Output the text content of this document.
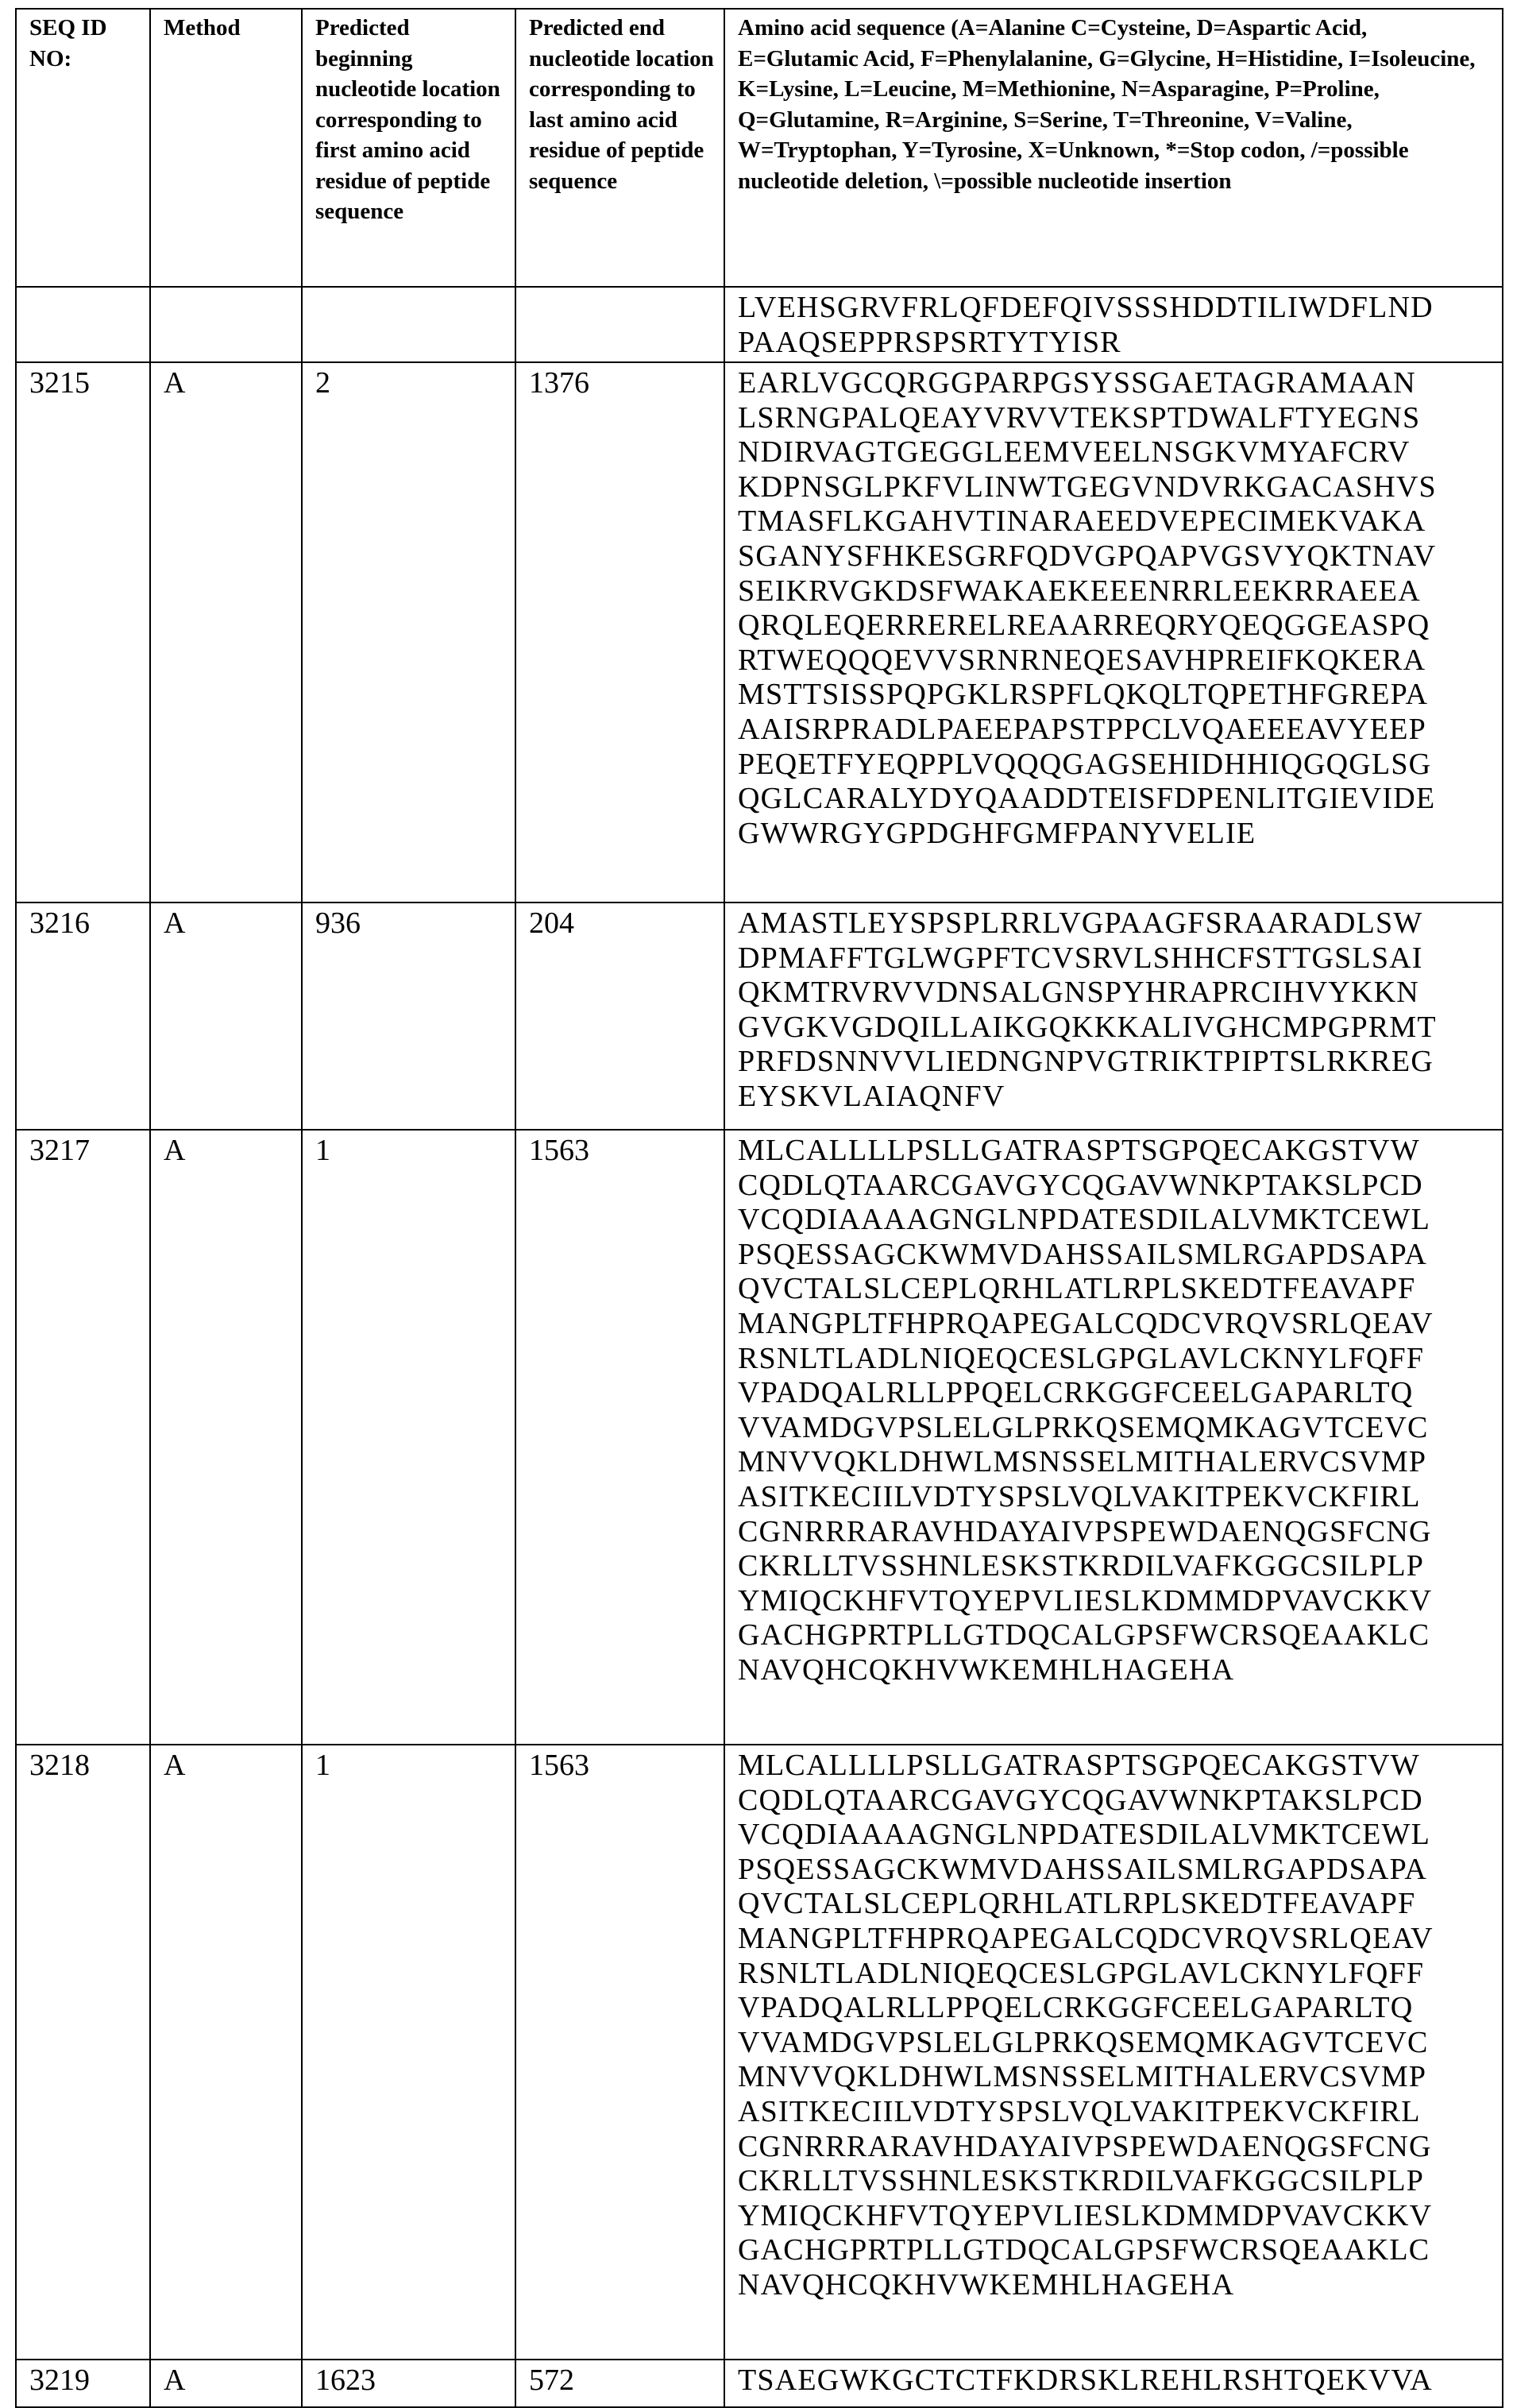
SEQ ID NO:	Method	Predicted beginning nucleotide location corresponding to first amino acid residue of peptide sequence	Predicted end nucleotide location corresponding to last amino acid residue of peptide sequence	Amino acid sequence (A=Alanine C=Cysteine, D=Aspartic Acid, E=Glutamic Acid, F=Phenylalanine, G=Glycine, H=Histidine, I=Isoleucine, K=Lysine, L=Leucine, M=Methionine, N=Asparagine, P=Proline, Q=Glutamine, R=Arginine, S=Serine, T=Threonine, V=Valine, W=Tryptophan, Y=Tyrosine, X=Unknown, *=Stop codon, /=possible nucleotide deletion, \=possible nucleotide insertion

LVEHSGRVFRLQFDEFQIVSSSHDDTILIWDFLND
PAAQSEPPRSPSRTYTYISR

3215	A	2	1376	EARLVGCQRGGPARPGSYSSGAETAGRAMAAN
LSRNGPALQEAYVRVVTEKSPTDWALFTYEGNS
NDIRVAGTGEGGLEEMVEELNSGKVMYAFCRV
KDPNSGLPKFVLINWTGEGVNDVRKGACASHVS
TMASFLKGAHVTINARAEEDVEPECIMEKVAKA
SGANYSFHKESGRFQDVGPQAPVGSVYQKTNAV
SEIKRVGKDSFWAKAEKEEENRRLEEKRRAEEA
QRQLEQERRERELREAARREQRYQEQGGEASPQ
RTWEQQQEVVSRNRNEQESAVHPREIFKQKERA
MSTTSISSPQPGKLRSPFLQKQLTQPETHFGREPA
AAISRPRADLPAEEPAPSTPPCLVQAEEEAVYEEP
PEQETFYEQPPLVQQQGAGSEHIDHHIQGQGLSG
QGLCARALYDYQAADDTEISFDPENLITGIEVIDE
GWWRGYGPDGHFGMFPANYVELIE

3216	A	936	204	AMASTLEYSPSPLRRLVGPAAGFSRAARADLSW
DPMAFFTGLWGPFTCVSRVLSHHCFSTTGSLSAI
QKMTRVRVVDNSALGNSPYHRAPRCIHVYKKN
GVGKVGDQILLAIKGQKKKALIVGHCMPGPRMT
PRFDSNNVVLIEDNGNPVGTRIKTPIPTSLRKREG
EYSKVLAIAQNFV

3217	A	1	1563	MLCALLLLPSLLGATRASPTSGPQECAKGSTVW
CQDLQTAARCGAVGYCQGAVWNKPTAKSLPCD
VCQDIAAAAGNGLNPDATESDILALVMKTCEWL
PSQESSAGCKWMVDAHSSAILSMLRGAPDSAPA
QVCTALSLCEPLQRHLATLRPLSKEDTFEAVAPF
MANGPLTFHPRQAPEGALCQDCVRQVSRLQEAV
RSNLTLADLNIQEQCESLGPGLAVLCKNYLFQFF
VPADQALRLLPPQELCRKGGFCEELGAPARLTQ
VVAMDGVPSLELGLPRKQSEMQMKAGVTCEVC
MNVVQKLDHWLMSNSSELMITHALERVCSVMP
ASITKECIILVDTYSPSLVQLVAKITPEKVCKFIRL
CGNRRRARAVHDAYAIVPSPEWDAENQGSFCNG
CKRLLTVSSHNLESKSTKRDILVAFKGGCSILPLP
YMIQCKHFVTQYEPVLIESLKDMMDPVAVCKKV
GACHGPRTPLLGTDQCALGPSFWCRSQEAAKLC
NAVQHCQKHVWKEMHLHAGEHA

3218	A	1	1563	MLCALLLLPSLLGATRASPTSGPQECAKGSTVW
CQDLQTAARCGAVGYCQGAVWNKPTAKSLPCD
VCQDIAAAAGNGLNPDATESDILALVMKTCEWL
PSQESSAGCKWMVDAHSSAILSMLRGAPDSAPA
QVCTALSLCEPLQRHLATLRPLSKEDTFEAVAPF
MANGPLTFHPRQAPEGALCQDCVRQVSRLQEAV
RSNLTLADLNIQEQCESLGPGLAVLCKNYLFQFF
VPADQALRLLPPQELCRKGGFCEELGAPARLTQ
VVAMDGVPSLELGLPRKQSEMQMKAGVTCEVC
MNVVQKLDHWLMSNSSELMITHALERVCSVMP
ASITKECIILVDTYSPSLVQLVAKITPEKVCKFIRL
CGNRRRARAVHDAYAIVPSPEWDAENQGSFCNG
CKRLLTVSSHNLESKSTKRDILVAFKGGCSILPLP
YMIQCKHFVTQYEPVLIESLKDMMDPVAVCKKV
GACHGPRTPLLGTDQCALGPSFWCRSQEAAKLC
NAVQHCQKHVWKEMHLHAGEHA

3219	A	1623	572	TSAEGWKGCTCTFKDRSKLREHLRSHTQEKVVA
